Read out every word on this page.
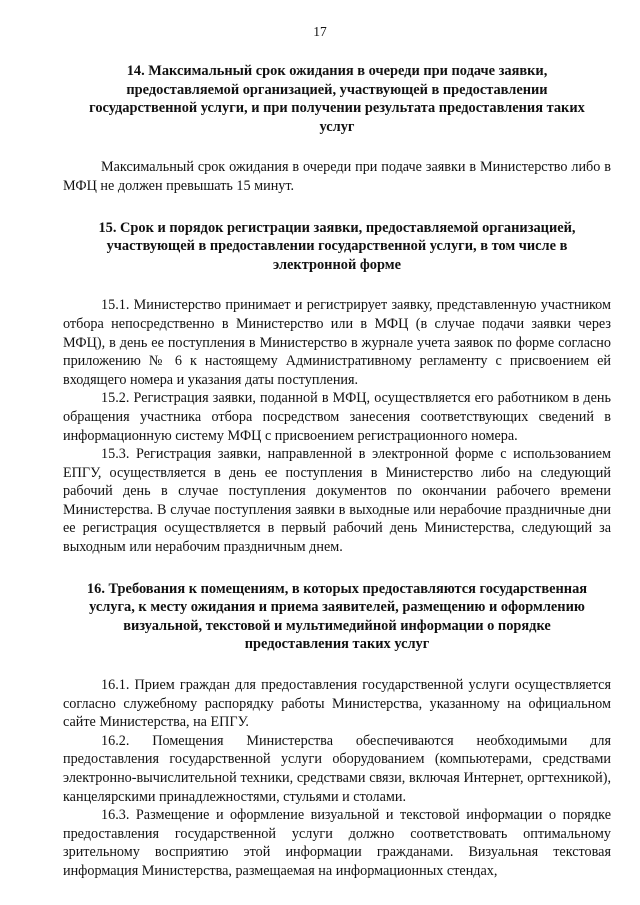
17
14. Максимальный срок ожидания в очереди при подаче заявки, предоставляемой организацией, участвующей в предоставлении государственной услуги, и при получении результата предоставления таких услуг

Максимальный срок ожидания в очереди при подаче заявки в Министерство либо в МФЦ не должен превышать 15 минут.

15. Срок и порядок регистрации заявки, предоставляемой организацией, участвующей в предоставлении государственной услуги, в том числе в электронной форме

15.1. Министерство принимает и регистрирует заявку, представленную участником отбора непосредственно в Министерство или в МФЦ (в случае подачи заявки через МФЦ), в день ее поступления в Министерство в журнале учета заявок по форме согласно приложению № 6 к настоящему Административному регламенту с присвоением ей входящего номера и указания даты поступления.

15.2. Регистрация заявки, поданной в МФЦ, осуществляется его работником в день обращения участника отбора посредством занесения соответствующих сведений в информационную систему МФЦ с присвоением регистрационного номера.

15.3. Регистрация заявки, направленной в электронной форме с использованием ЕПГУ, осуществляется в день ее поступления в Министерство либо на следующий рабочий день в случае поступления документов по окончании рабочего времени Министерства. В случае поступления заявки в выходные или нерабочие праздничные дни ее регистрация осуществляется в первый рабочий день Министерства, следующий за выходным или нерабочим праздничным днем.

16. Требования к помещениям, в которых предоставляются государственная услуга, к месту ожидания и приема заявителей, размещению и оформлению визуальной, текстовой и мультимедийной информации о порядке предоставления таких услуг

16.1. Прием граждан для предоставления государственной услуги осуществляется согласно служебному распорядку работы Министерства, указанному на официальном сайте Министерства, на ЕПГУ.

16.2. Помещения Министерства обеспечиваются необходимыми для предоставления государственной услуги оборудованием (компьютерами, средствами электронно-вычислительной техники, средствами связи, включая Интернет, оргтехникой), канцелярскими принадлежностями, стульями и столами.

16.3. Размещение и оформление визуальной и текстовой информации о порядке предоставления государственной услуги должно соответствовать оптимальному зрительному восприятию этой информации гражданами. Визуальная текстовая информация Министерства, размещаемая на информационных стендах,
